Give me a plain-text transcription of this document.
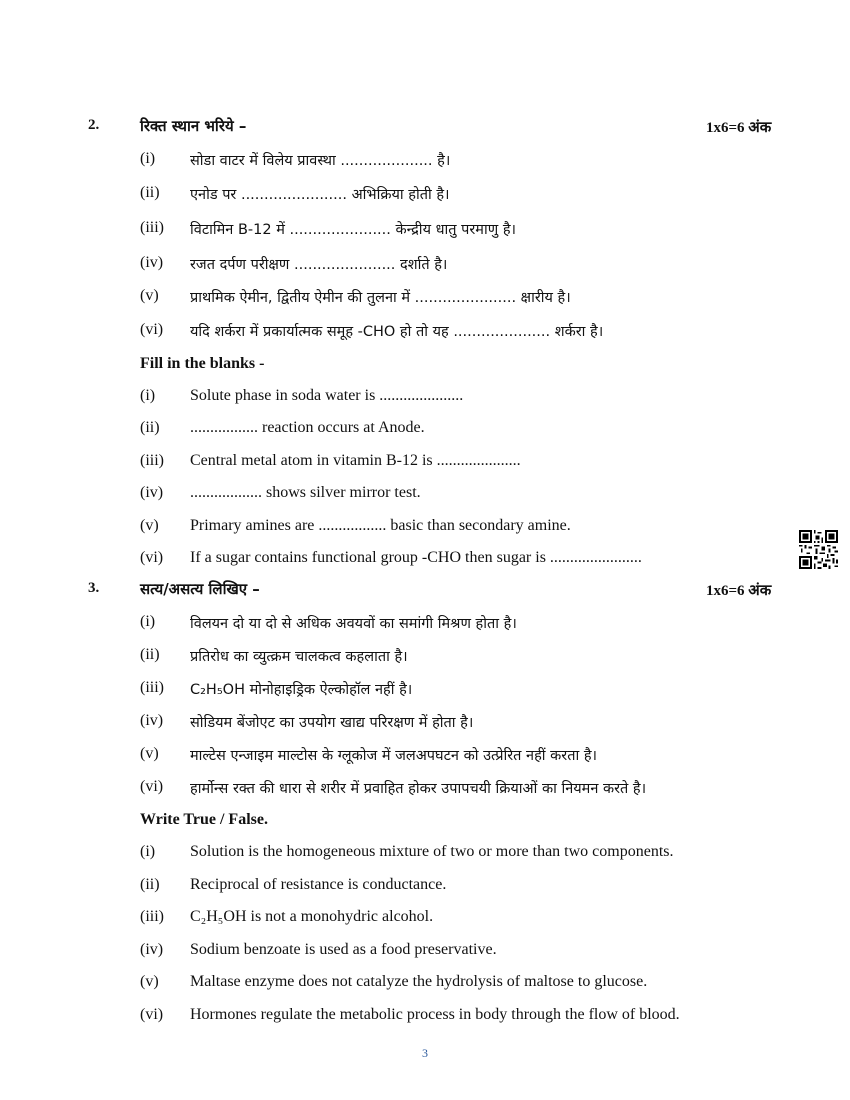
2.	रिक्त स्थान भरिये –	1x6=6 अंक
(i) सोडा वाटर में विलेय प्रावस्था .................... है।
(ii) एनोड पर ....................... अभिक्रिया होती है।
(iii) विटामिन B-12 में ...................... केन्द्रीय धातु परमाणु है।
(iv) रजत दर्पण परीक्षण ...................... दर्शाते है।
(v) प्राथमिक ऐमीन, द्वितीय ऐमीन की तुलना में ...................... क्षारीय है।
(vi) यदि शर्करा में प्रकार्यात्मक समूह -CHO हो तो यह ..................... शर्करा है।
Fill in the blanks -
(i) Solute phase in soda water is .....................
(ii) ................. reaction occurs at Anode.
(iii) Central metal atom in vitamin B-12 is .....................
(iv) .................. shows silver mirror test.
(v) Primary amines are ................. basic than secondary amine.
(vi) If a sugar contains functional group -CHO then sugar is .......................
3.	सत्य/असत्य लिखिए –	1x6=6 अंक
(i) विलयन दो या दो से अधिक अवयवों का समांगी मिश्रण होता है।
(ii) प्रतिरोध का व्युत्क्रम चालकत्व कहलाता है।
(iii) C₂H₅OH मोनोहाइड्रिक ऐल्कोहॉल नहीं है।
(iv) सोडियम बेंजोएट का उपयोग खाद्य परिरक्षण में होता है।
(v) माल्टेस एन्जाइम माल्टोस के ग्लूकोज में जलअपघटन को उत्प्रेरित नहीं करता है।
(vi) हार्मोन्स रक्त की धारा से शरीर में प्रवाहित होकर उपापचयी क्रियाओं का नियमन करते है।
Write True / False.
(i) Solution is the homogeneous mixture of two or more than two components.
(ii) Reciprocal of resistance is conductance.
(iii) C₂H₅OH is not a monohydric alcohol.
(iv) Sodium benzoate is used as a food preservative.
(v) Maltase enzyme does not catalyze the hydrolysis of maltose to glucose.
(vi) Hormones regulate the metabolic process in body through the flow of blood.
3
